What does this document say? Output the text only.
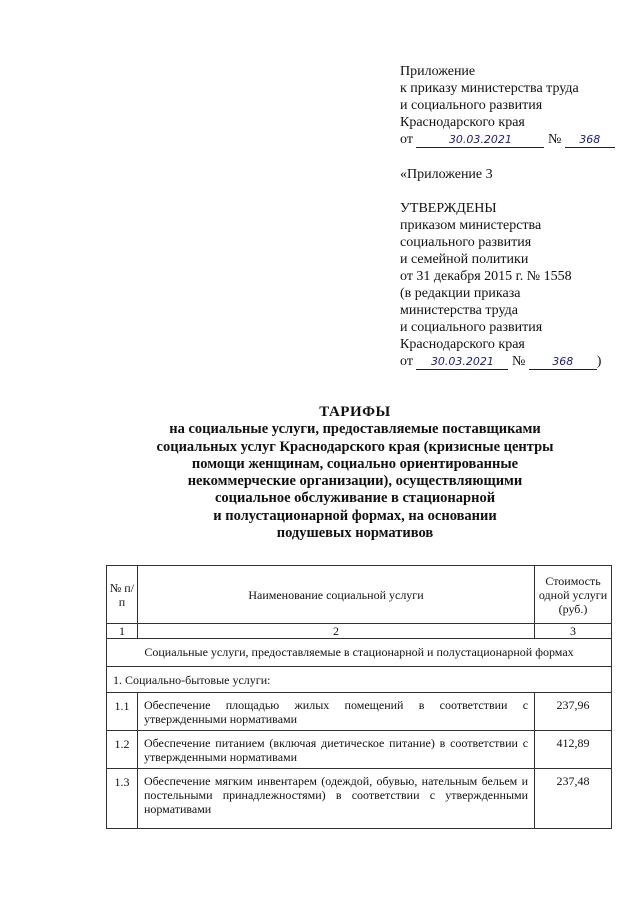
Приложение
к приказу министерства труда
и социального развития
Краснодарского края
от	30.03.2021	№ 368
«Приложение 3
УТВЕРЖДЕНЫ
приказом министерства
социального развития
и семейной политики
от 31 декабря 2015 г. № 1558
(в редакции приказа
министерства труда
и социального развития
Краснодарского края
от 30.03.2021 № 368 )
ТАРИФЫ
на социальные услуги, предоставляемые поставщиками
социальных услуг Краснодарского края (кризисные центры
помощи женщинам, социально ориентированные
некоммерческие организации), осуществляющими
социальное обслуживание в стационарной
и полустационарной формах, на основании
подушевых нормативов
№ п/п	Наименование социальной услуги	Стоимость одной услуги (руб.)
1	2	3
Социальные услуги, предоставляемые в стационарной и полустационарной формах		
1. Социально-бытовые услуги:		
1.1	Обеспечение площадью жилых помещений в соответствии с утвержденными нормативами	237,96
1.2	Обеспечение питанием (включая диетическое питание) в соответствии с утвержденными нормативами	412,89
1.3	Обеспечение мягким инвентарем (одеждой, обувью, нательным бельем и постельными принадлежностями) в соответствии с утвержденными нормативами	237,48
